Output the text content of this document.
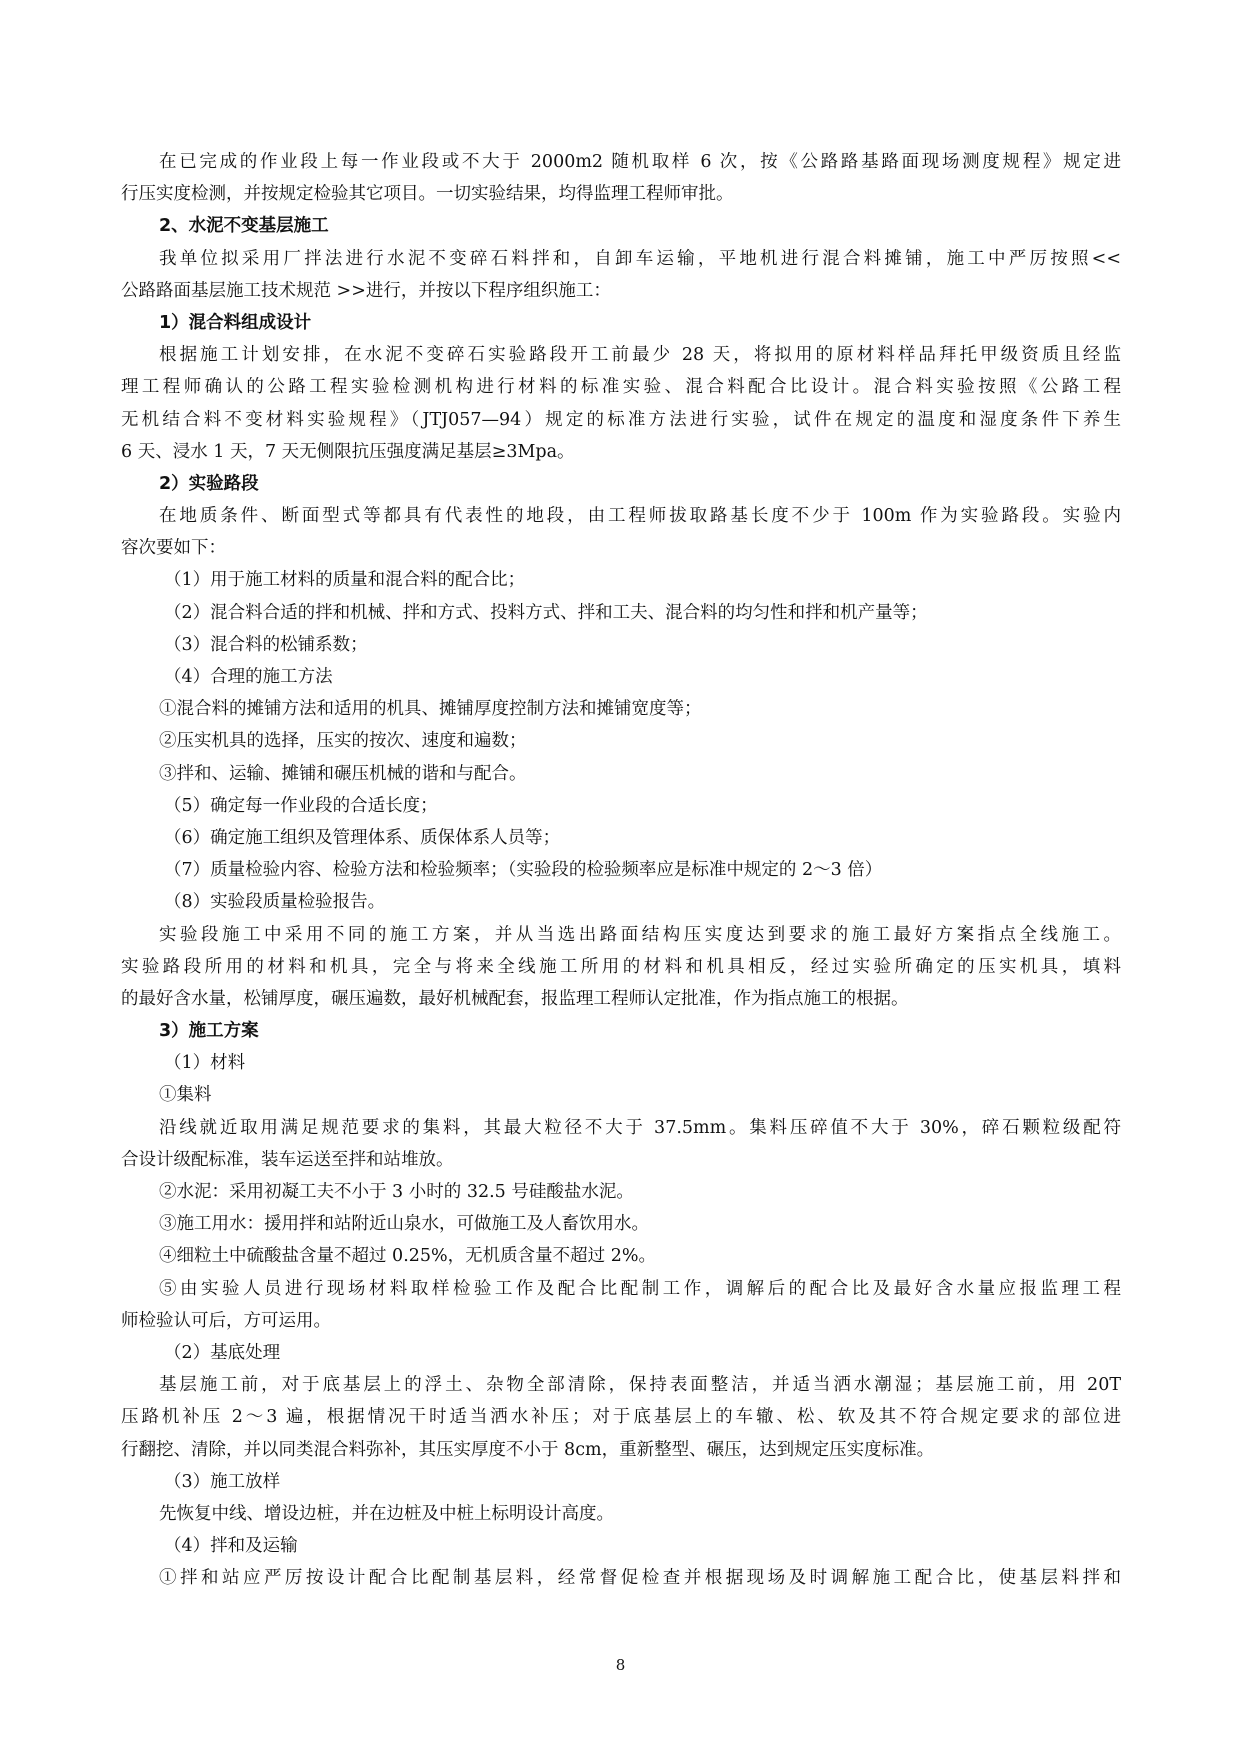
在已完成的作业段上每一作业段或不大于 2000m2 随机取样 6 次，按《公路路基路面现场测度规程》规定进
行压实度检测，并按规定检验其它项目。一切实验结果，均得监理工程师审批。
2、水泥不变基层施工
我单位拟采用厂拌法进行水泥不变碎石料拌和，自卸车运输，平地机进行混合料摊铺，施工中严厉按照<<
公路路面基层施工技术规范 >>进行，并按以下程序组织施工：
1）混合料组成设计
根据施工计划安排，在水泥不变碎石实验路段开工前最少 28 天，将拟用的原材料样品拜托甲级资质且经监
理工程师确认的公路工程实验检测机构进行材料的标准实验、混合料配合比设计。混合料实验按照《公路工程
无机结合料不变材料实验规程》（JTJ057—94）规定的标准方法进行实验，试件在规定的温度和湿度条件下养生
6 天、浸水 1 天，7 天无侧限抗压强度满足基层≥3Mpa。
2）实验路段
在地质条件、断面型式等都具有代表性的地段，由工程师拔取路基长度不少于 100m 作为实验路段。实验内
容次要如下：
（1）用于施工材料的质量和混合料的配合比；
（2）混合料合适的拌和机械、拌和方式、投料方式、拌和工夫、混合料的均匀性和拌和机产量等；
（3）混合料的松铺系数；
（4）合理的施工方法
①混合料的摊铺方法和适用的机具、摊铺厚度控制方法和摊铺宽度等；
②压实机具的选择，压实的按次、速度和遍数；
③拌和、运输、摊铺和碾压机械的谐和与配合。
（5）确定每一作业段的合适长度；
（6）确定施工组织及管理体系、质保体系人员等；
（7）质量检验内容、检验方法和检验频率；（实验段的检验频率应是标准中规定的 2～3 倍）
（8）实验段质量检验报告。
实验段施工中采用不同的施工方案，并从当选出路面结构压实度达到要求的施工最好方案指点全线施工。
实验路段所用的材料和机具，完全与将来全线施工所用的材料和机具相反，经过实验所确定的压实机具，填料
的最好含水量，松铺厚度，碾压遍数，最好机械配套，报监理工程师认定批准，作为指点施工的根据。
3）施工方案
（1）材料
①集料
沿线就近取用满足规范要求的集料，其最大粒径不大于 37.5mm。集料压碎值不大于 30%，碎石颗粒级配符
合设计级配标准，装车运送至拌和站堆放。
②水泥：采用初凝工夫不小于 3 小时的 32.5 号硅酸盐水泥。
③施工用水：援用拌和站附近山泉水，可做施工及人畜饮用水。
④细粒土中硫酸盐含量不超过 0.25%，无机质含量不超过 2%。
⑤由实验人员进行现场材料取样检验工作及配合比配制工作，调解后的配合比及最好含水量应报监理工程
师检验认可后，方可运用。
（2）基底处理
基层施工前，对于底基层上的浮土、杂物全部清除，保持表面整洁，并适当洒水潮湿；基层施工前，用 20T
压路机补压 2～3 遍，根据情况干时适当洒水补压；对于底基层上的车辙、松、软及其不符合规定要求的部位进
行翻挖、清除，并以同类混合料弥补，其压实厚度不小于 8cm，重新整型、碾压，达到规定压实度标准。
（3）施工放样
先恢复中线、增设边桩，并在边桩及中桩上标明设计高度。
（4）拌和及运输
①拌和站应严厉按设计配合比配制基层料，经常督促检查并根据现场及时调解施工配合比，使基层料拌和
8
